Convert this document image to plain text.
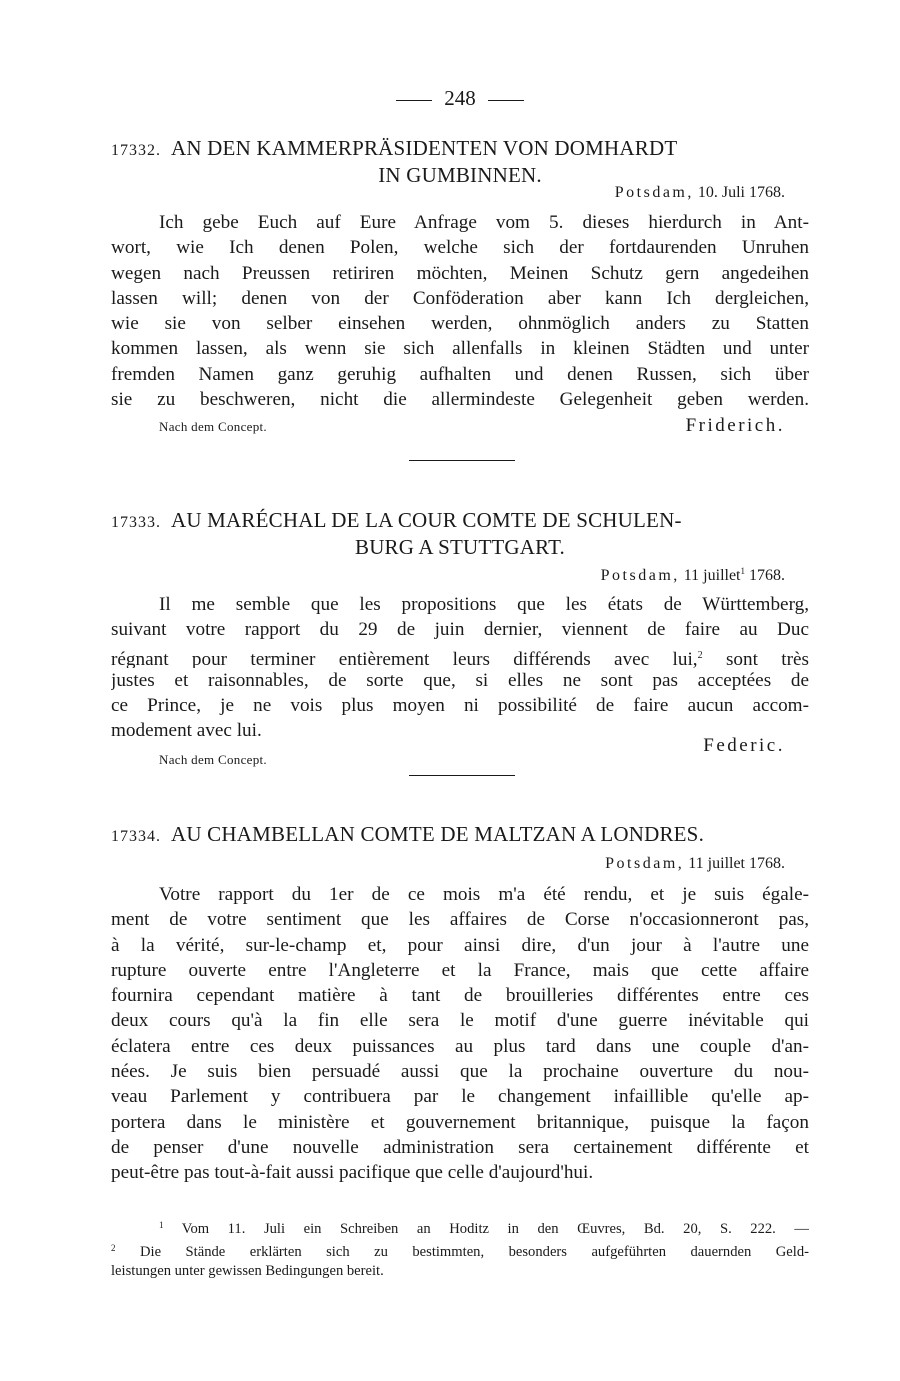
248
17332. AN DEN KAMMERPRÄSIDENTEN VON DOMHARDT
IN GUMBINNEN.
Potsdam, 10. Juli 1768.
Ich gebe Euch auf Eure Anfrage vom 5. dieses hierdurch in Ant-
wort, wie Ich denen Polen, welche sich der fortdaurenden Unruhen
wegen nach Preussen retiriren möchten, Meinen Schutz gern angedeihen
lassen will; denen von der Conföderation aber kann Ich dergleichen,
wie sie von selber einsehen werden, ohnmöglich anders zu Statten
kommen lassen, als wenn sie sich allenfalls in kleinen Städten und unter
fremden Namen ganz geruhig aufhalten und denen Russen, sich über
sie zu beschweren, nicht die allermindeste Gelegenheit geben werden.
Nach dem Concept.	Friderich.
17333. AU MARÉCHAL DE LA COUR COMTE DE SCHULEN-
BURG A STUTTGART.
Potsdam, 11 juillet$^1$ 1768.
Il me semble que les propositions que les états de Württemberg,
suivant votre rapport du 29 de juin dernier, viennent de faire au Duc
régnant pour terminer entièrement leurs différends avec lui,$^2$ sont très
justes et raisonnables, de sorte que, si elles ne sont pas acceptées de
ce Prince, je ne vois plus moyen ni possibilité de faire aucun accom-
modement avec lui.
Federic.
Nach dem Concept.
17334. AU CHAMBELLAN COMTE DE MALTZAN A LONDRES.
Potsdam, 11 juillet 1768.
Votre rapport du 1er de ce mois m'a été rendu, et je suis égale-
ment de votre sentiment que les affaires de Corse n'occasionneront pas,
à la vérité, sur-le-champ et, pour ainsi dire, d'un jour à l'autre une
rupture ouverte entre l'Angleterre et la France, mais que cette affaire
fournira cependant matière à tant de brouilleries différentes entre ces
deux cours qu'à la fin elle sera le motif d'une guerre inévitable qui
éclatera entre ces deux puissances au plus tard dans une couple d'an-
nées. Je suis bien persuadé aussi que la prochaine ouverture du nou-
veau Parlement y contribuera par le changement infaillible qu'elle ap-
portera dans le ministère et gouvernement britannique, puisque la façon
de penser d'une nouvelle administration sera certainement différente et
peut-être pas tout-à-fait aussi pacifique que celle d'aujourd'hui.
$^1$ Vom 11. Juli ein Schreiben an Hoditz in den Œuvres, Bd. 20, S. 222. —
$^2$ Die Stände erklärten sich zu bestimmten, besonders aufgeführten dauernden Geld-
leistungen unter gewissen Bedingungen bereit.
